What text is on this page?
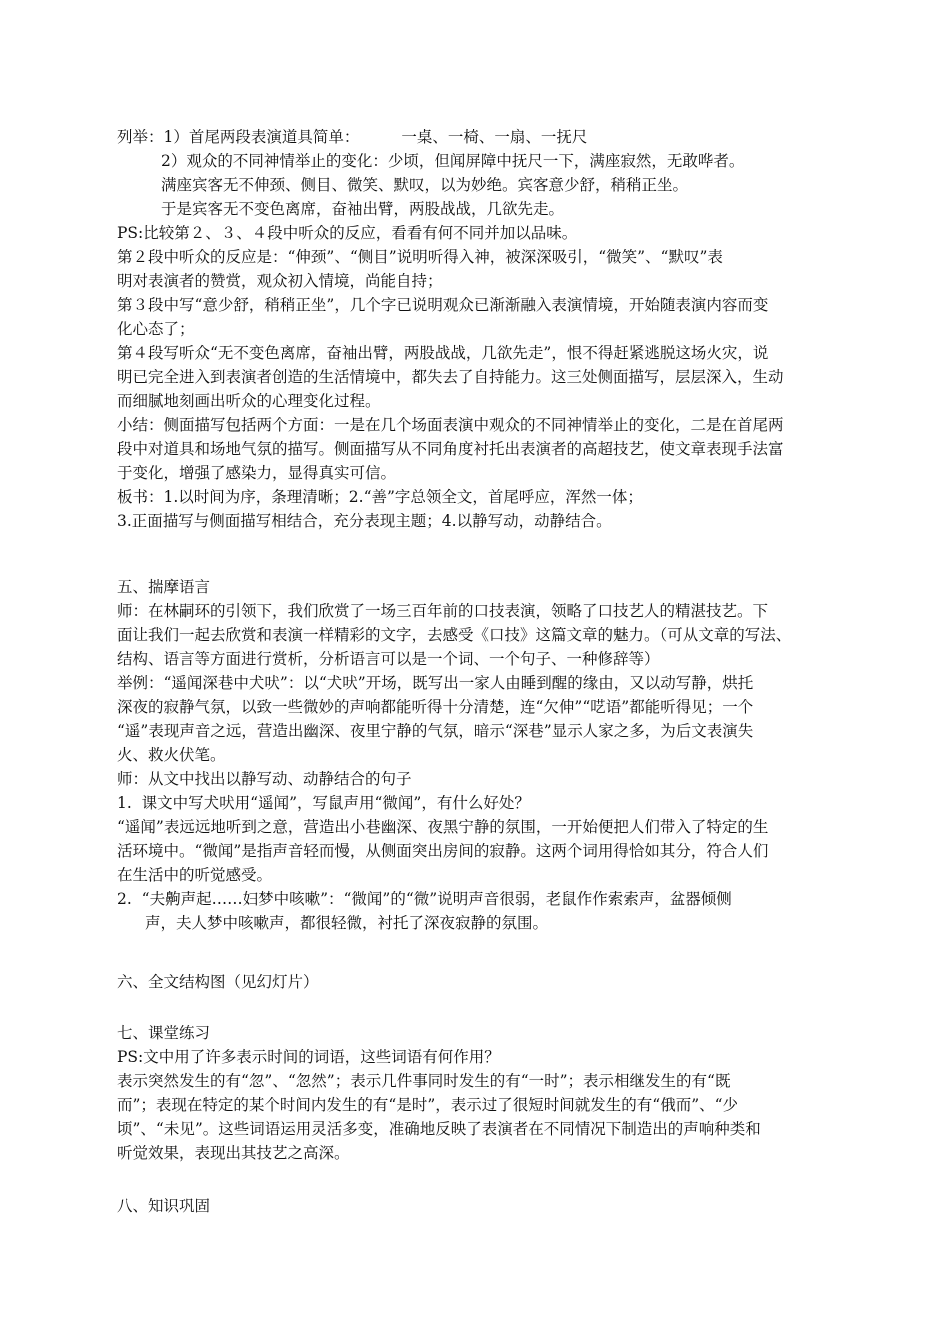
列举：1）首尾两段表演道具简单：	一桌、一椅、一扇、一抚尺
2）观众的不同神情举止的变化：少顷，但闻屏障中抚尺一下，满座寂然，无敢哗者。
满座宾客无不伸颈、侧目、微笑、默叹，以为妙绝。宾客意少舒，稍稍正坐。
于是宾客无不变色离席，奋袖出臂，两股战战，几欲先走。
PS:比较第２、３、４段中听众的反应，看看有何不同并加以品味。
第２段中听众的反应是：“伸颈”、“侧目”说明听得入神，被深深吸引，“微笑”、“默叹”表
明对表演者的赞赏，观众初入情境，尚能自持；
第３段中写“意少舒，稍稍正坐”，几个字已说明观众已渐渐融入表演情境，开始随表演内容而变
化心态了；
第４段写听众“无不变色离席，奋袖出臂，两股战战，几欲先走”，恨不得赶紧逃脱这场火灾，说
明已完全进入到表演者创造的生活情境中，都失去了自持能力。这三处侧面描写，层层深入，生动
而细腻地刻画出听众的心理变化过程。
小结：侧面描写包括两个方面：一是在几个场面表演中观众的不同神情举止的变化，二是在首尾两
段中对道具和场地气氛的描写。侧面描写从不同角度衬托出表演者的高超技艺，使文章表现手法富
于变化，增强了感染力，显得真实可信。
板书：1.以时间为序，条理清晰；2.“善”字总领全文，首尾呼应，浑然一体；
3.正面描写与侧面描写相结合，充分表现主题；4.以静写动，动静结合。
五、揣摩语言
师：在林嗣环的引领下，我们欣赏了一场三百年前的口技表演，领略了口技艺人的精湛技艺。下
面让我们一起去欣赏和表演一样精彩的文字，去感受《口技》这篇文章的魅力。（可从文章的写法、
结构、语言等方面进行赏析，分析语言可以是一个词、一个句子、一种修辞等）
举例：“遥闻深巷中犬吠”：以“犬吠”开场，既写出一家人由睡到醒的缘由，又以动写静，烘托
深夜的寂静气氛，以致一些微妙的声响都能听得十分清楚，连“欠伸”“呓语”都能听得见；一个
“遥”表现声音之远，营造出幽深、夜里宁静的气氛，暗示“深巷”显示人家之多，为后文表演失
火、救火伏笔。
师：从文中找出以静写动、动静结合的句子
1.  课文中写犬吠用“遥闻”，写鼠声用“微闻”，有什么好处？
“遥闻”表远远地听到之意，营造出小巷幽深、夜黑宁静的氛围，一开始便把人们带入了特定的生
活环境中。“微闻”是指声音轻而慢，从侧面突出房间的寂静。这两个词用得恰如其分，符合人们
在生活中的听觉感受。
2.  “夫齁声起……妇梦中咳嗽”：“微闻”的“微”说明声音很弱，老鼠作作索索声，盆器倾侧
声，夫人梦中咳嗽声，都很轻微，衬托了深夜寂静的氛围。
六、全文结构图（见幻灯片）
七、课堂练习
PS:文中用了许多表示时间的词语，这些词语有何作用？
表示突然发生的有“忽”、“忽然”；表示几件事同时发生的有“一时”；表示相继发生的有“既
而”；表现在特定的某个时间内发生的有“是时”，表示过了很短时间就发生的有“俄而”、“少
顷”、“未见”。这些词语运用灵活多变，准确地反映了表演者在不同情况下制造出的声响种类和
听觉效果，表现出其技艺之高深。
八、知识巩固
